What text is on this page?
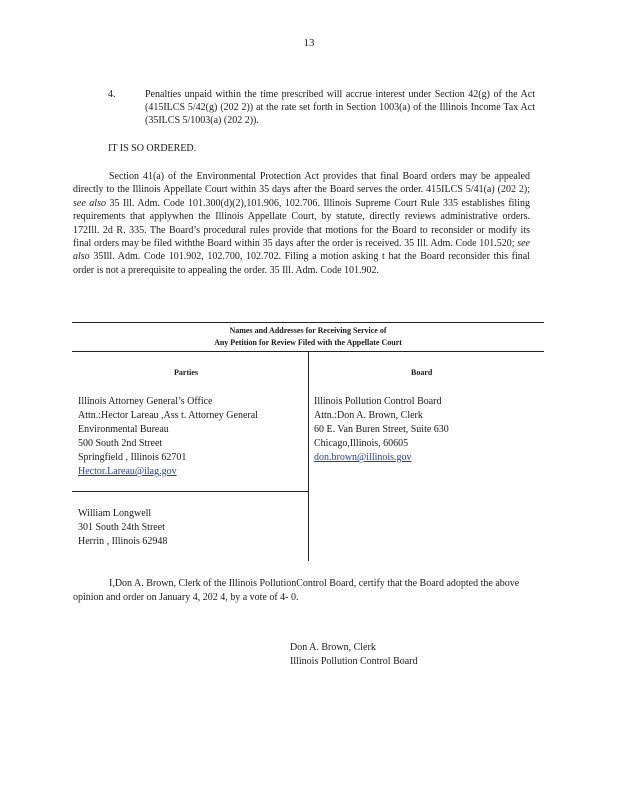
13
4.	Penalties unpaid within the time prescribed will accrue interest under Section 42(g) of the Act (415ILCS 5/42(g) (202 2)) at the rate set forth in Section 1003(a) of the Illinois Income Tax Act (35ILCS 5/1003(a) (202 2)).
IT IS SO ORDERED.
Section 41(a) of the Environmental Protection Act provides that final Board orders may be appealed directly to the Illinois Appellate Court within 35 days after the Board serves the order. 415ILCS 5/41(a) (202 2); see also 35 Ill. Adm. Code 101.300(d)(2),101.906, 102.706. Illinois Supreme Court Rule 335 establishes filing requirements that applywhen the Illinois Appellate Court, by statute, directly reviews administrative orders. 172Ill. 2d R. 335. The Board’s procedural rules provide that motions for the Board to reconsider or modify its final orders may be filed withthe Board within 35 days after the order is received. 35 Ill. Adm. Code 101.520; see also 35Ill. Adm. Code 101.902, 102.700, 102.702. Filing a motion asking t hat the Board reconsider this final order is not a prerequisite to appealing the order. 35 Ill. Adm. Code 101.902.
Names and Addresses for Receiving Service of
Any Petition for Review Filed with the Appellate Court
Parties	Board
Illinois Attorney General’s Office
Attn.:Hector Lareau ,Ass t. Attorney General
Environmental Bureau
500 South 2nd Street
Springfield , Illinois 62701
Hector.Lareau@ilag.gov
William Longwell
301 South 24th Street
Herrin , Illinois 62948
Illinois Pollution Control Board
Attn.:Don A. Brown, Clerk
60 E. Van Buren Street, Suite 630
Chicago,Illinois, 60605
don.brown@illinois.gov
I,Don A. Brown, Clerk of the Illinois PollutionControl Board, certify that the Board adopted the above opinion and order on January 4, 202 4, by a vote of 4- 0.
Don A. Brown, Clerk
Illinois Pollution Control Board
